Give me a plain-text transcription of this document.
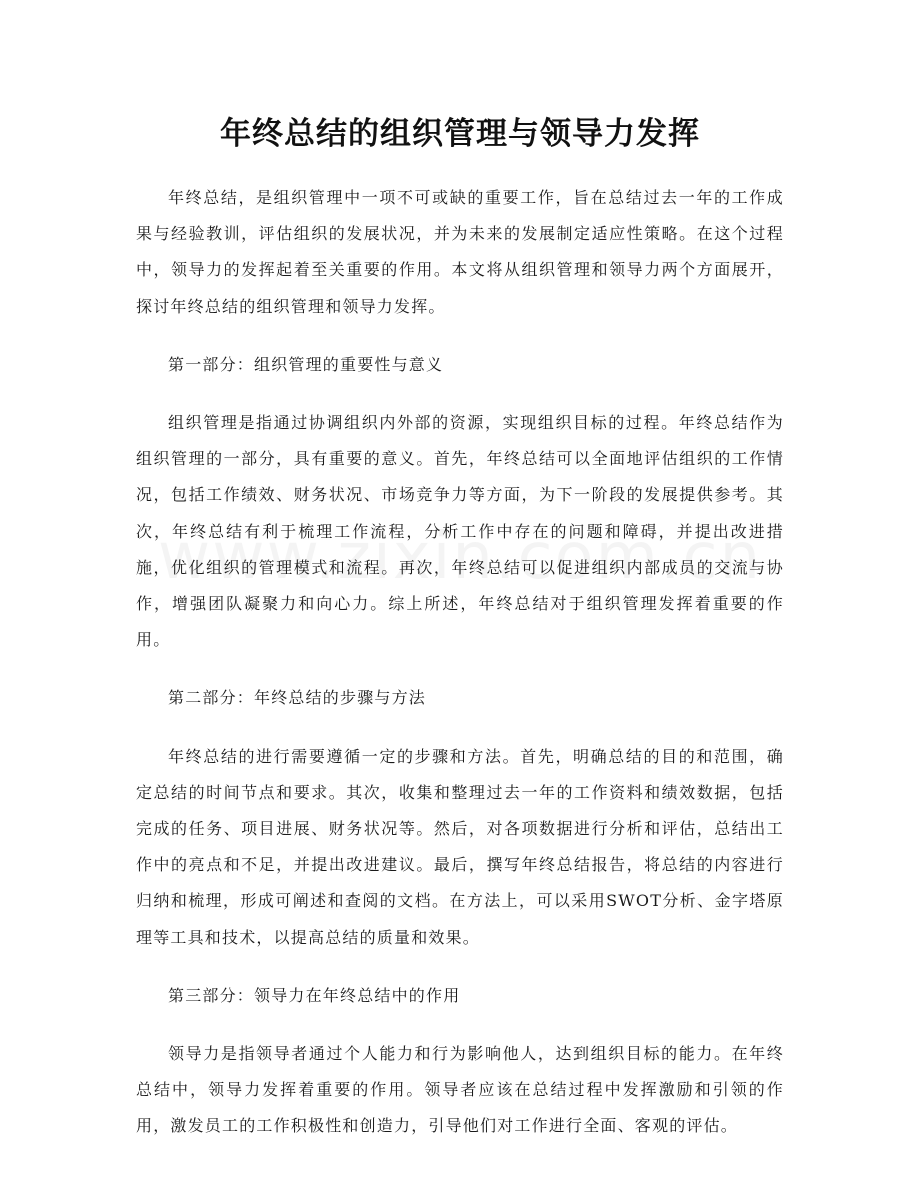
年终总结的组织管理与领导力发挥

年终总结，是组织管理中一项不可或缺的重要工作，旨在总结过去一年的工作成果与经验教训，评估组织的发展状况，并为未来的发展制定适应性策略。在这个过程中，领导力的发挥起着至关重要的作用。本文将从组织管理和领导力两个方面展开，探讨年终总结的组织管理和领导力发挥。

第一部分：组织管理的重要性与意义

组织管理是指通过协调组织内外部的资源，实现组织目标的过程。年终总结作为组织管理的一部分，具有重要的意义。首先，年终总结可以全面地评估组织的工作情况，包括工作绩效、财务状况、市场竞争力等方面，为下一阶段的发展提供参考。其次，年终总结有利于梳理工作流程，分析工作中存在的问题和障碍，并提出改进措施，优化组织的管理模式和流程。再次，年终总结可以促进组织内部成员的交流与协作，增强团队凝聚力和向心力。综上所述，年终总结对于组织管理发挥着重要的作用。

第二部分：年终总结的步骤与方法

年终总结的进行需要遵循一定的步骤和方法。首先，明确总结的目的和范围，确定总结的时间节点和要求。其次，收集和整理过去一年的工作资料和绩效数据，包括完成的任务、项目进展、财务状况等。然后，对各项数据进行分析和评估，总结出工作中的亮点和不足，并提出改进建议。最后，撰写年终总结报告，将总结的内容进行归纳和梳理，形成可阐述和查阅的文档。在方法上，可以采用SWOT分析、金字塔原理等工具和技术，以提高总结的质量和效果。

第三部分：领导力在年终总结中的作用

领导力是指领导者通过个人能力和行为影响他人，达到组织目标的能力。在年终总结中，领导力发挥着重要的作用。领导者应该在总结过程中发挥激励和引领的作用，激发员工的工作积极性和创造力，引导他们对工作进行全面、客观的评估。
